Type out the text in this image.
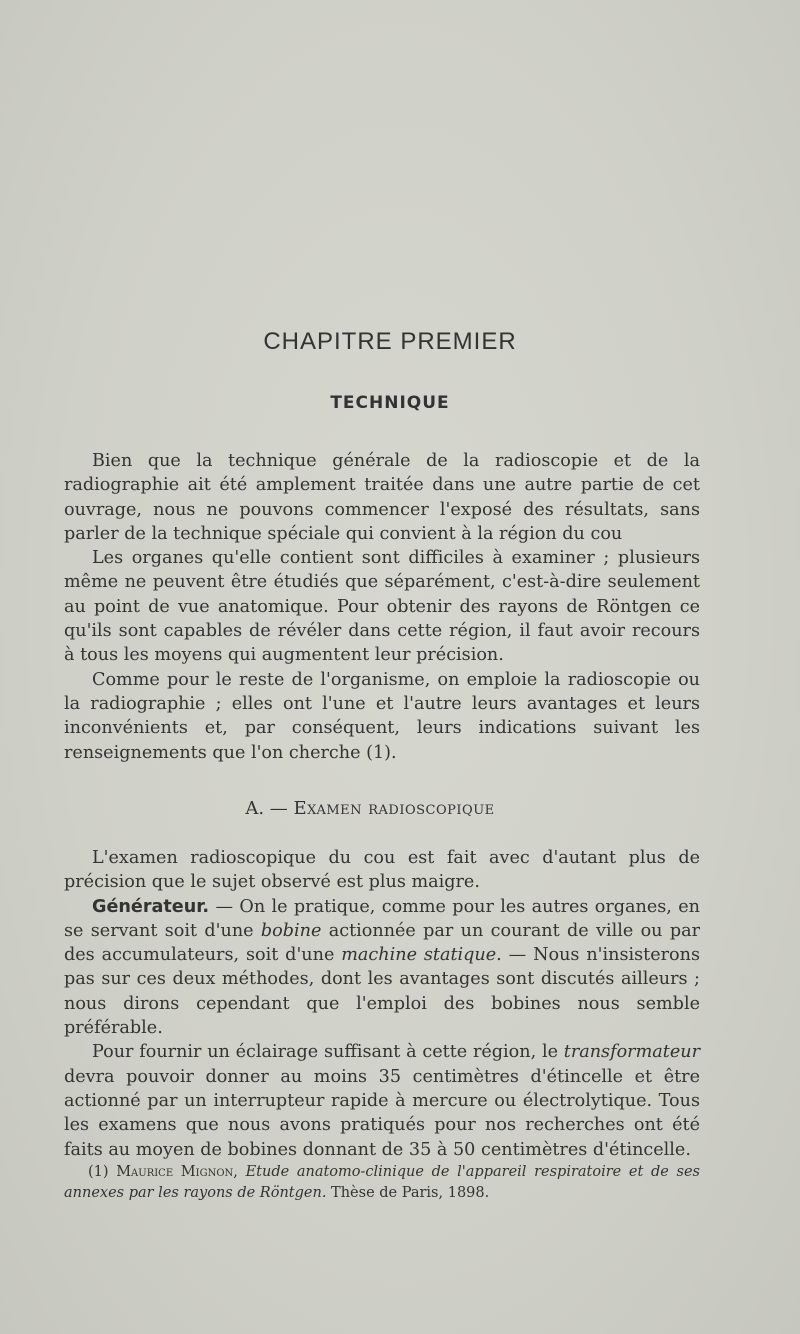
CHAPITRE PREMIER
TECHNIQUE

Bien que la technique générale de la radioscopie et de la radiographie ait été amplement traitée dans une autre partie de cet ouvrage, nous ne pouvons commencer l'exposé des résultats, sans parler de la technique spéciale qui convient à la région du cou

Les organes qu'elle contient sont difficiles à examiner ; plusieurs même ne peuvent être étudiés que séparément, c'est-à-dire seulement au point de vue anatomique. Pour obtenir des rayons de Röntgen ce qu'ils sont capables de révéler dans cette région, il faut avoir recours à tous les moyens qui augmentent leur précision.

Comme pour le reste de l'organisme, on emploie la radioscopie ou la radiographie ; elles ont l'une et l'autre leurs avantages et leurs inconvénients et, par conséquent, leurs indications suivant les renseignements que l'on cherche (1).

A. — Examen radioscopique

L'examen radioscopique du cou est fait avec d'autant plus de précision que le sujet observé est plus maigre.

Générateur. — On le pratique, comme pour les autres organes, en se servant soit d'une bobine actionnée par un courant de ville ou par des accumulateurs, soit d'une machine statique. — Nous n'insisterons pas sur ces deux méthodes, dont les avantages sont discutés ailleurs ; nous dirons cependant que l'emploi des bobines nous semble préférable.

Pour fournir un éclairage suffisant à cette région, le transformateur devra pouvoir donner au moins 35 centimètres d'étincelle et être actionné par un interrupteur rapide à mercure ou électrolytique. Tous les examens que nous avons pratiqués pour nos recherches ont été faits au moyen de bobines donnant de 35 à 50 centimètres d'étincelle.

(1) Maurice Mignon, Etude anatomo-clinique de l'appareil respiratoire et de ses annexes par les rayons de Röntgen. Thèse de Paris, 1898.
